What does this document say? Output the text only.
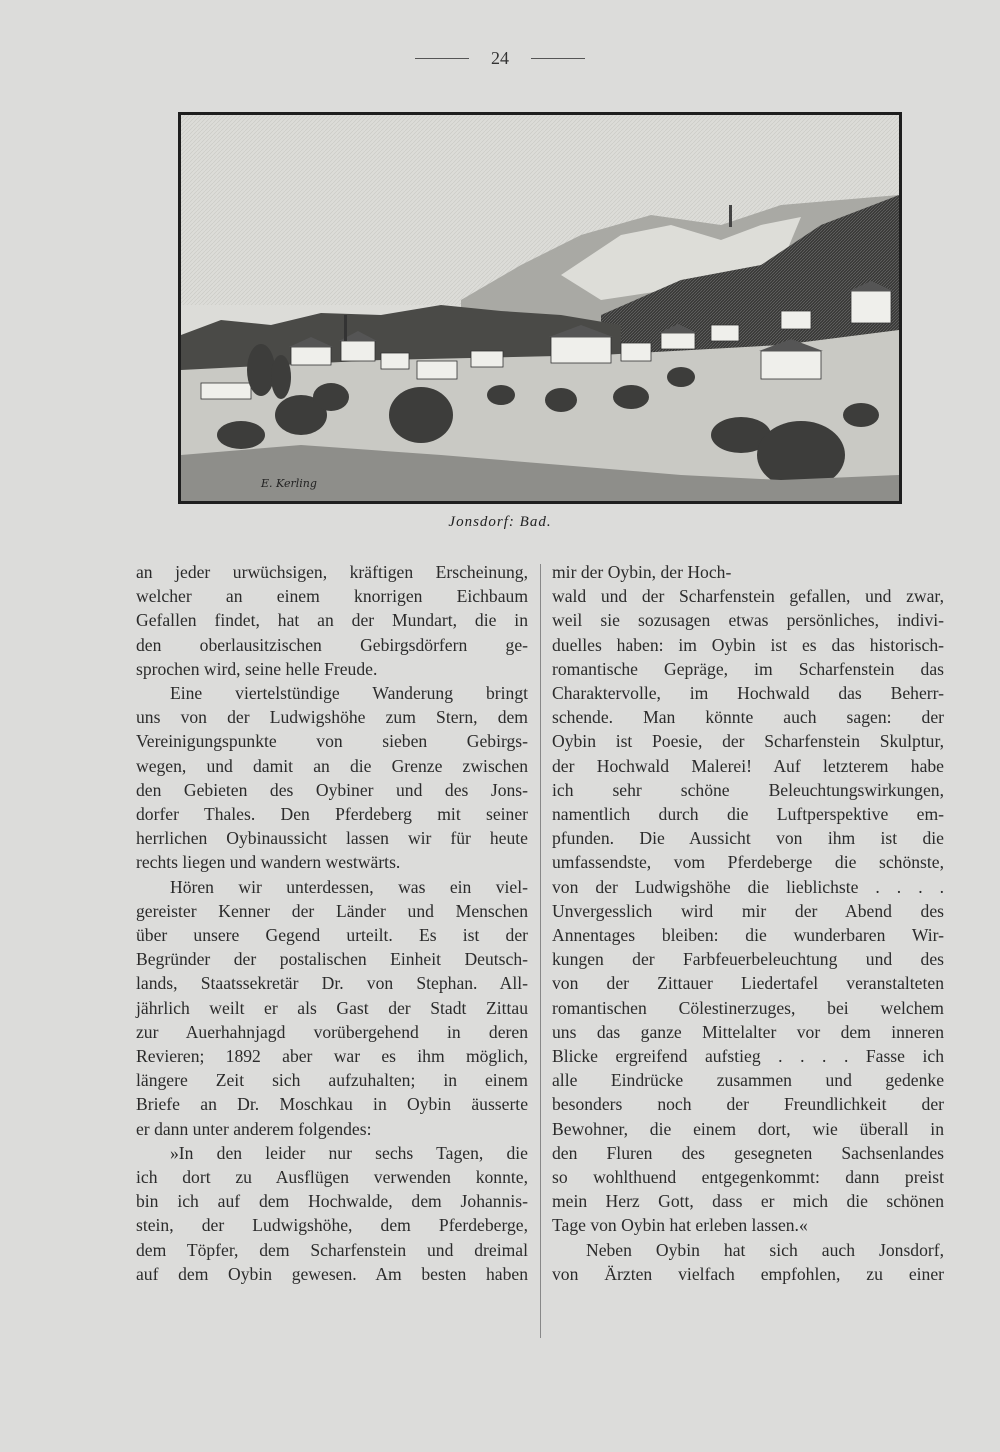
24
E. Kerling
Jonsdorf: Bad.
an jeder urwüchsigen, kräftigen Erscheinung,
welcher an einem knorrigen Eichbaum
Gefallen findet, hat an der Mundart, die in
den oberlausitzischen Gebirgsdörfern ge-
sprochen wird, seine helle Freude.
Eine viertelstündige Wanderung bringt
uns von der Ludwigshöhe zum Stern, dem
Vereinigungspunkte von sieben Gebirgs-
wegen, und damit an die Grenze zwischen
den Gebieten des Oybiner und des Jons-
dorfer Thales. Den Pferdeberg mit seiner
herrlichen Oybinaussicht lassen wir für heute
rechts liegen und wandern westwärts.
Hören wir unterdessen, was ein viel-
gereister Kenner der Länder und Menschen
über unsere Gegend urteilt. Es ist der
Begründer der postalischen Einheit Deutsch-
lands, Staatssekretär Dr. von Stephan. All-
jährlich weilt er als Gast der Stadt Zittau
zur Auerhahnjagd vorübergehend in deren
Revieren; 1892 aber war es ihm möglich,
längere Zeit sich aufzuhalten; in einem
Briefe an Dr. Moschkau in Oybin äusserte
er dann unter anderem folgendes:
»In den leider nur sechs Tagen, die
ich dort zu Ausflügen verwenden konnte,
bin ich auf dem Hochwalde, dem Johannis-
stein, der Ludwigshöhe, dem Pferdeberge,
dem Töpfer, dem Scharfenstein und dreimal
auf dem Oybin gewesen. Am besten haben
mir der Oybin, der Hoch-
wald und der Scharfenstein gefallen, und zwar,
weil sie sozusagen etwas persönliches, indivi-
duelles haben: im Oybin ist es das historisch-
romantische Gepräge, im Scharfenstein das
Charaktervolle, im Hochwald das Beherr-
schende. Man könnte auch sagen: der
Oybin ist Poesie, der Scharfenstein Skulptur,
der Hochwald Malerei! Auf letzterem habe
ich sehr schöne Beleuchtungswirkungen,
namentlich durch die Luftperspektive em-
pfunden. Die Aussicht von ihm ist die
umfassendste, vom Pferdeberge die schönste,
von der Ludwigshöhe die lieblichste . . . .
Unvergesslich wird mir der Abend des
Annentages bleiben: die wunderbaren Wir-
kungen der Farbfeuerbeleuchtung und des
von der Zittauer Liedertafel veranstalteten
romantischen Cölestinerzuges, bei welchem
uns das ganze Mittelalter vor dem inneren
Blicke ergreifend aufstieg . . . . Fasse ich
alle Eindrücke zusammen und gedenke
besonders noch der Freundlichkeit der
Bewohner, die einem dort, wie überall in
den Fluren des gesegneten Sachsenlandes
so wohlthuend entgegenkommt: dann preist
mein Herz Gott, dass er mich die schönen
Tage von Oybin hat erleben lassen.«
Neben Oybin hat sich auch Jonsdorf,
von Ärzten vielfach empfohlen, zu einer
